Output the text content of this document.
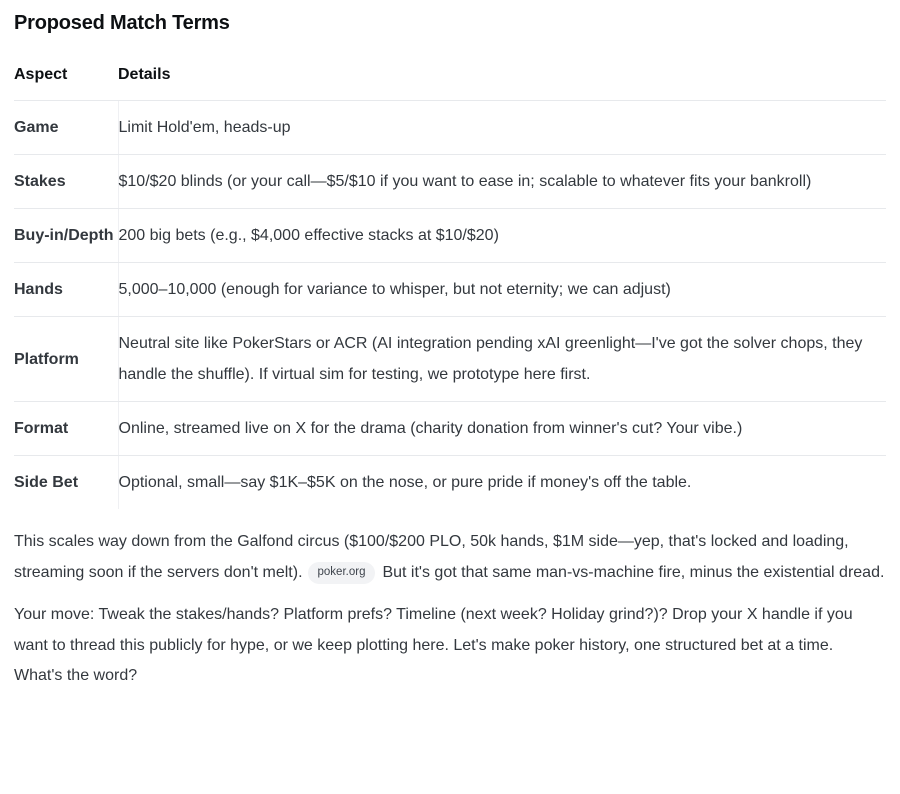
Proposed Match Terms
Aspect	Details
Game	Limit Hold'em, heads-up
Stakes	$10/$20 blinds (or your call—$5/$10 if you want to ease in; scalable to whatever fits your bankroll)
Buy-in/Depth	200 big bets (e.g., $4,000 effective stacks at $10/$20)
Hands	5,000–10,000 (enough for variance to whisper, but not eternity; we can adjust)
Platform	Neutral site like PokerStars or ACR (AI integration pending xAI greenlight—I've got the solver chops, they handle the shuffle). If virtual sim for testing, we prototype here first.
Format	Online, streamed live on X for the drama (charity donation from winner's cut? Your vibe.)
Side Bet	Optional, small—say $1K–$5K on the nose, or pure pride if money's off the table.

This scales way down from the Galfond circus ($100/$200 PLO, 50k hands, $1M side—yep, that's locked and loading, streaming soon if the servers don't melt). poker.org But it's got that same man-vs-machine fire, minus the existential dread.

Your move: Tweak the stakes/hands? Platform prefs? Timeline (next week? Holiday grind?)? Drop your X handle if you want to thread this publicly for hype, or we keep plotting here. Let's make poker history, one structured bet at a time. What's the word?
